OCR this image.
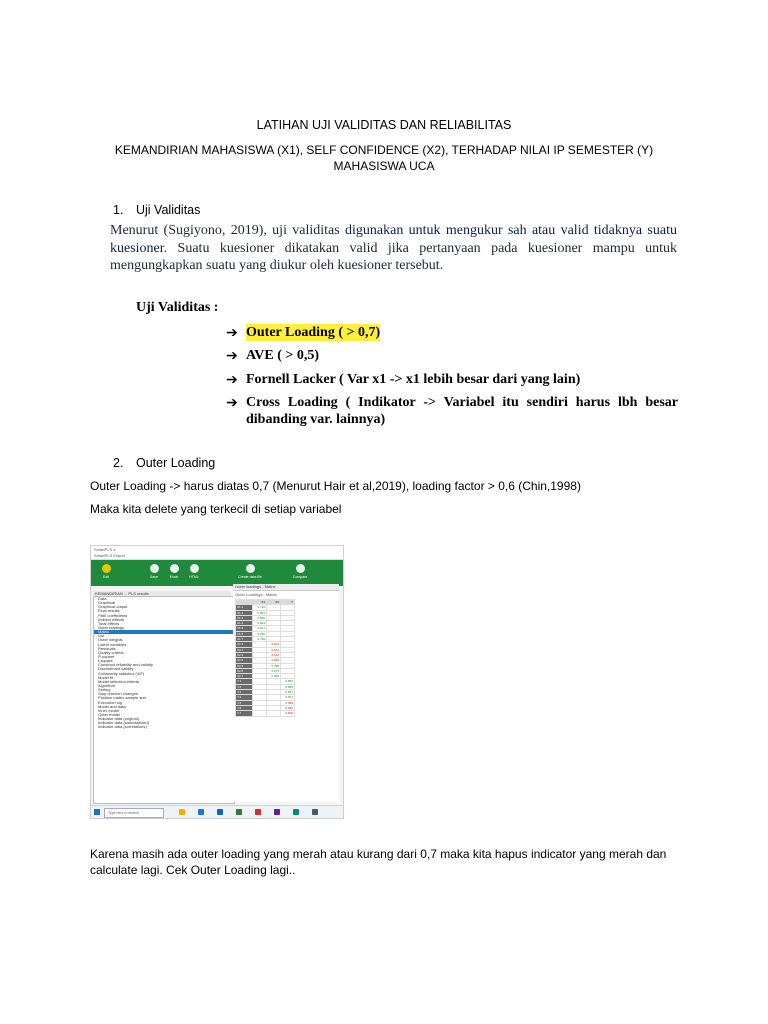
LATIHAN UJI VALIDITAS DAN RELIABILITAS
KEMANDIRIAN MAHASISWA (X1), SELF CONFIDENCE (X2), TERHADAP NILAI IP SEMESTER (Y)
MAHASISWA UCA
1. Uji Validitas
Menurut (Sugiyono, 2019), uji validitas digunakan untuk mengukur sah atau valid tidaknya suatu kuesioner. Suatu kuesioner dikatakan valid jika pertanyaan pada kuesioner mampu untuk mengungkapkan suatu yang diukur oleh kuesioner tersebut.
Uji Validitas :
➔ Outer Loading ( > 0,7)
➔ AVE ( > 0,5)
➔ Fornell Lacker ( Var x1 -> x1 lebih besar dari yang lain)
➔ Cross Loading ( Indikator -> Variabel itu sendiri harus lbh besar dibanding var. lainnya)
2. Outer Loading
Outer Loading -> harus diatas 0,7 (Menurut Hair et al,2019), loading factor > 0,6 (Chin,1998)
Maka kita delete yang terkecil di setiap variabel
SmartPLS 4
SmartPLS Export
Edit	Save	Excel	HTML	Create data file	Compare
KEMANDIRIAN ... PLS results
Data
Graphical
Graphical output
Final results
Path coefficients
Indirect effects
Total effects
Outer loadings
Matrix
List
Outer weights
Latent variables
Residuals
Quality criteria
R-square
f-square
Construct reliability and validity
Discriminant validity
Collinearity statistics (VIF)
Model fit
Model selection criteria
Algorithm
Setting
Stop criterion changes
Position matrix sample size
Execution log
Model and data
Inner model
Outer model
Indicator data (original)
Indicator data (standardized)
Indicator data (correlations)
Outer loadings - Matrix
Outer Loadings - Matrix
	X1	X2	Y
X1.1	0.726		
X1.2	0.803		
X1.3	0.800		
X1.4	0.844		
X1.5	0.817		
X1.6	0.782		
X1.7	0.790		
X2.1		0.603	
X2.2		0.674	
X2.3		0.612	
X2.4		0.609	
X2.5		0.798	
X2.6		0.873	
X2.7		0.838	
Y.1			0.853
Y.2			0.899
Y.3			0.857
Y.4			0.871
Y.5			0.696
Y.6			0.655
Y.7			0.606
Type here to search
Karena masih ada outer loading yang merah atau kurang dari 0,7 maka kita hapus indicator yang merah dan calculate lagi. Cek Outer Loading lagi..
